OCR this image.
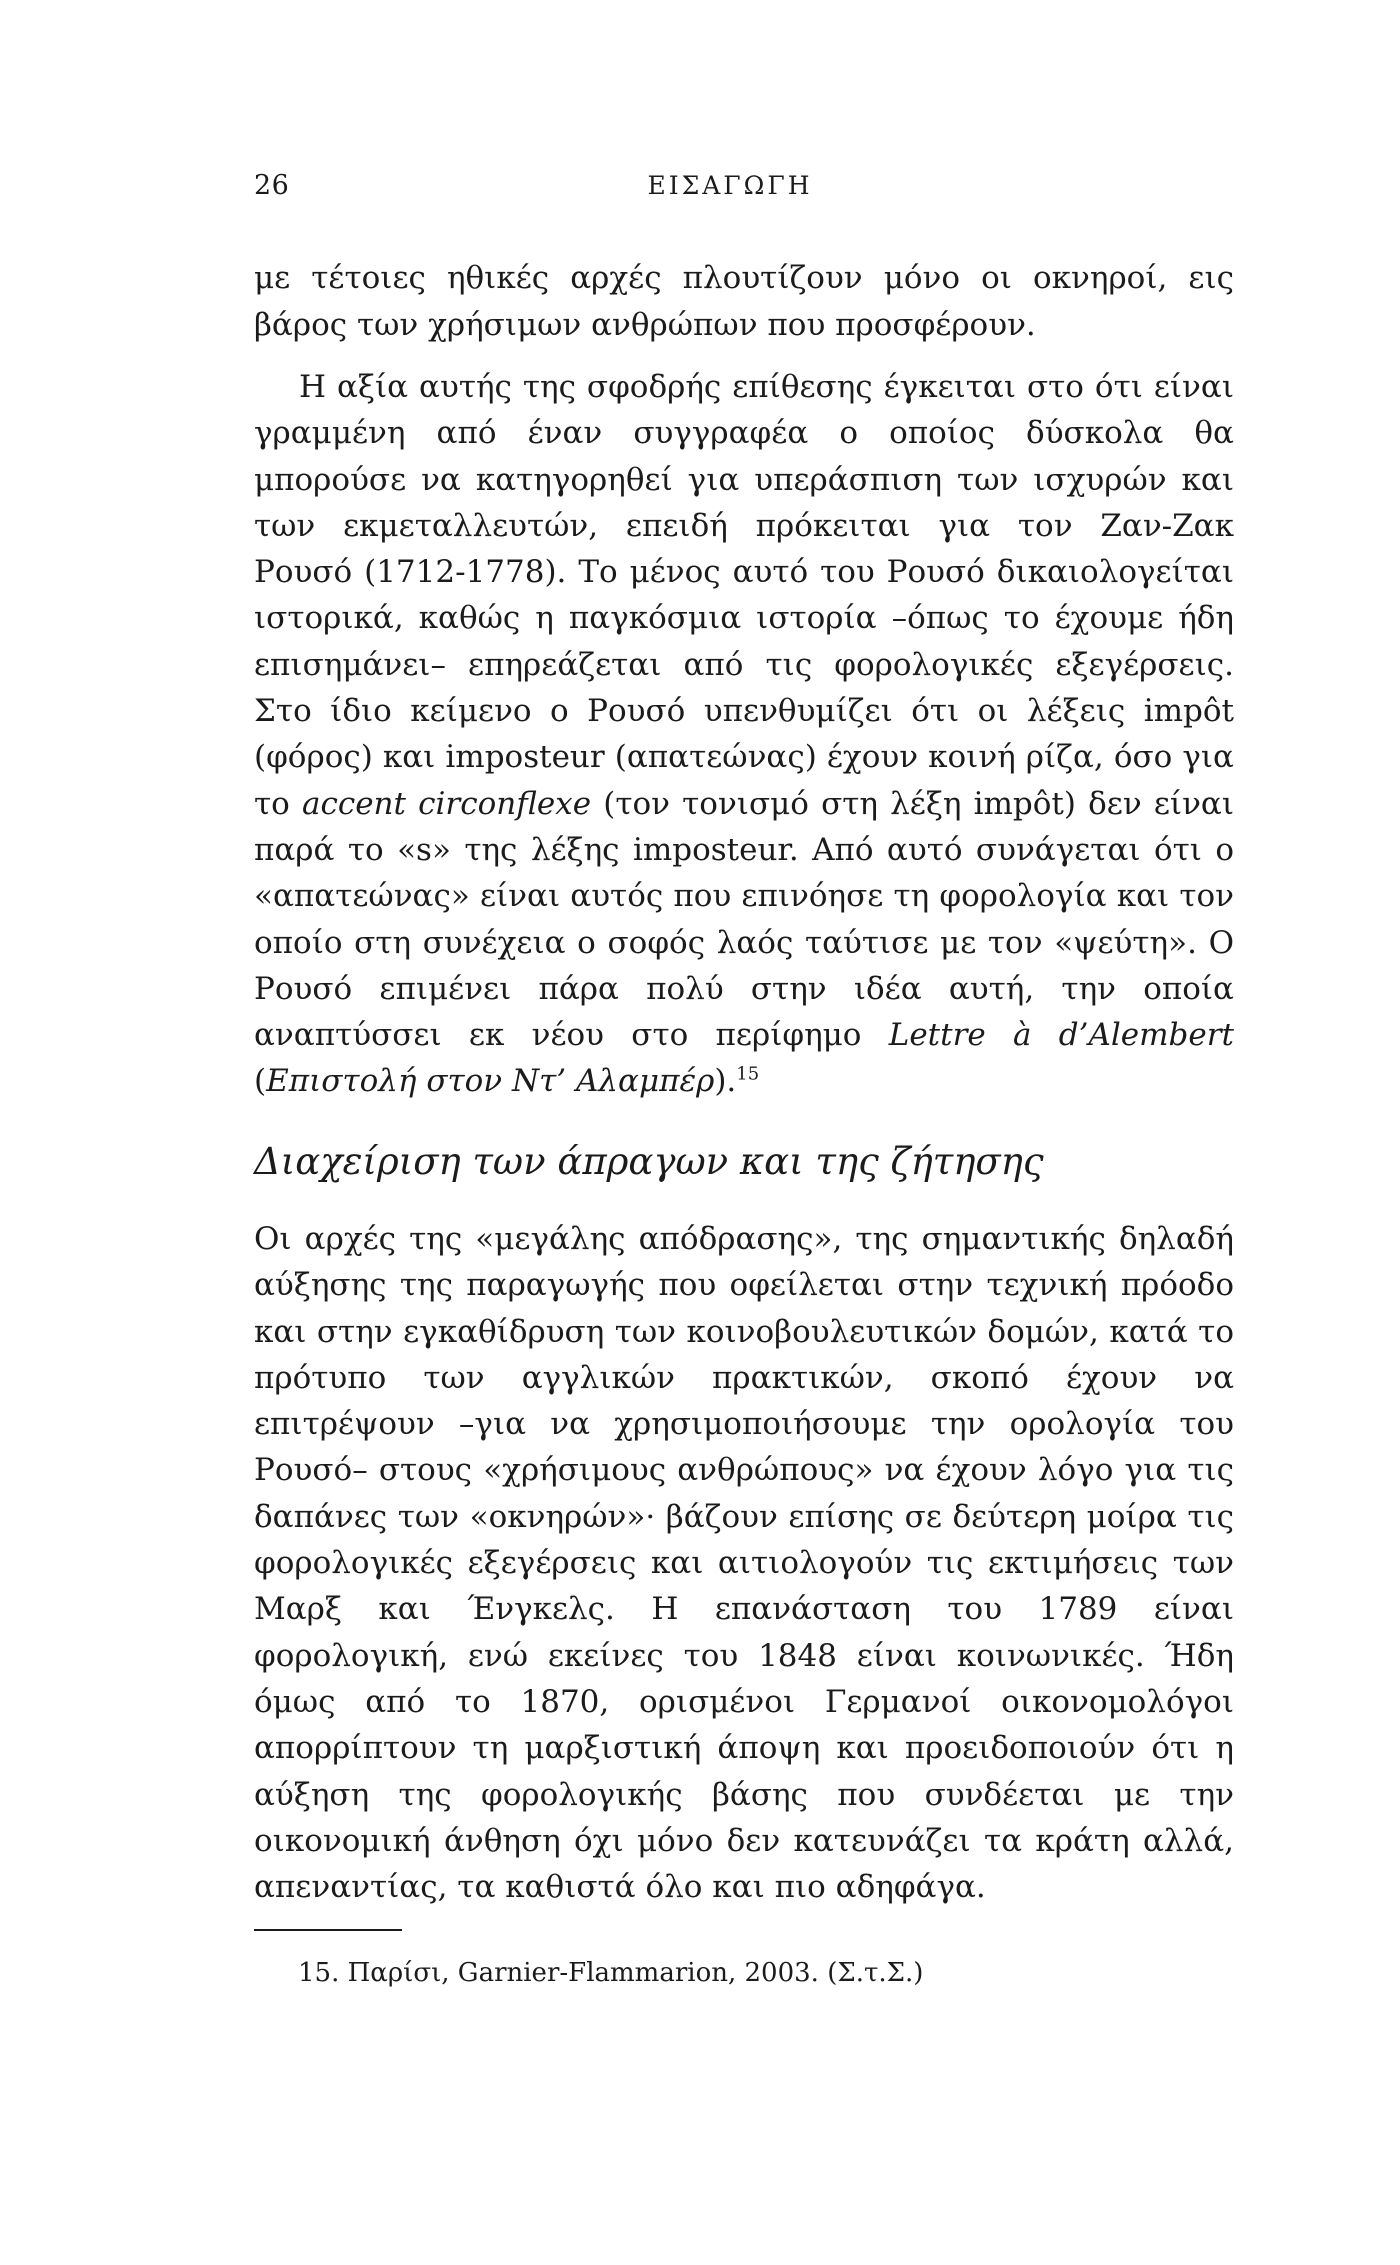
26	ΕΙΣΑΓΩΓΗ

με τέτοιες ηθικές αρχές πλουτίζουν μόνο οι οκνηροί, εις βάρος των χρήσιμων ανθρώπων που προσφέρουν.

Η αξία αυτής της σφοδρής επίθεσης έγκειται στο ότι είναι γραμμένη από έναν συγγραφέα ο οποίος δύσκολα θα μπορούσε να κατηγορηθεί για υπεράσπιση των ισχυρών και των εκμεταλλευτών, επειδή πρόκειται για τον Ζαν-Ζακ Ρουσό (1712-1778). Το μένος αυτό του Ρουσό δικαιολογείται ιστορικά, καθώς η παγκόσμια ιστορία –όπως το έχουμε ήδη επισημάνει– επηρεάζεται από τις φορολογικές εξεγέρσεις. Στο ίδιο κείμενο ο Ρουσό υπενθυμίζει ότι οι λέξεις impôt (φόρος) και imposteur (απατεώνας) έχουν κοινή ρίζα, όσο για το accent circonflexe (τον τονισμό στη λέξη impôt) δεν είναι παρά το «s» της λέξης imposteur. Από αυτό συνάγεται ότι ο «απατεώνας» είναι αυτός που επινόησε τη φορολογία και τον οποίο στη συνέχεια ο σοφός λαός ταύτισε με τον «ψεύτη». Ο Ρουσό επιμένει πάρα πολύ στην ιδέα αυτή, την οποία αναπτύσσει εκ νέου στο περίφημο Lettre à d’Alembert (Επιστολή στον Ντ’ Αλαμπέρ).$^{15}$

Διαχείριση των άπραγων και της ζήτησης

Οι αρχές της «μεγάλης απόδρασης», της σημαντικής δηλαδή αύξησης της παραγωγής που οφείλεται στην τεχνική πρόοδο και στην εγκαθίδρυση των κοινοβουλευτικών δομών, κατά το πρότυπο των αγγλικών πρακτικών, σκοπό έχουν να επιτρέψουν –για να χρησιμοποιήσουμε την ορολογία του Ρουσό– στους «χρήσιμους ανθρώπους» να έχουν λόγο για τις δαπάνες των «οκνηρών»· βάζουν επίσης σε δεύτερη μοίρα τις φορολογικές εξεγέρσεις και αιτιολογούν τις εκτιμήσεις των Μαρξ και Ένγκελς. Η επανάσταση του 1789 είναι φορολογική, ενώ εκείνες του 1848 είναι κοινωνικές. Ήδη όμως από το 1870, ορισμένοι Γερμανοί οικονομολόγοι απορρίπτουν τη μαρξιστική άποψη και προειδοποιούν ότι η αύξηση της φορολογικής βάσης που συνδέεται με την οικονομική άνθηση όχι μόνο δεν κατευνάζει τα κράτη αλλά, απεναντίας, τα καθιστά όλο και πιο αδηφάγα.

15. Παρίσι, Garnier-Flammarion, 2003. (Σ.τ.Σ.)
